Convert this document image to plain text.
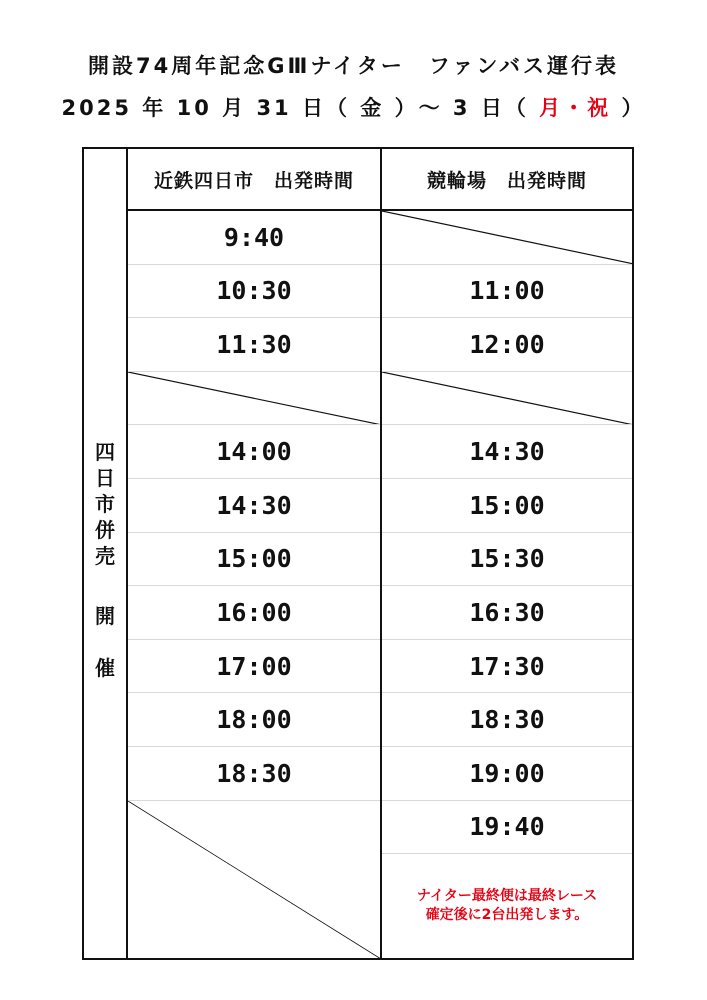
開設74周年記念GⅢナイター　ファンバス運行表
2025 年 10 月 31 日（ 金 ）～ 3 日（ 月・祝 ）
四
日
市
併
売
開
催
近鉄四日市　出発時間
9:40
10:30
11:30
14:00
14:30
15:00
16:00
17:00
18:00
18:30
競輪場　出発時間
11:00
12:00
14:30
15:00
15:30
16:30
17:30
18:30
19:00
19:40
ナイター最終便は最終レース
確定後に2台出発します。
